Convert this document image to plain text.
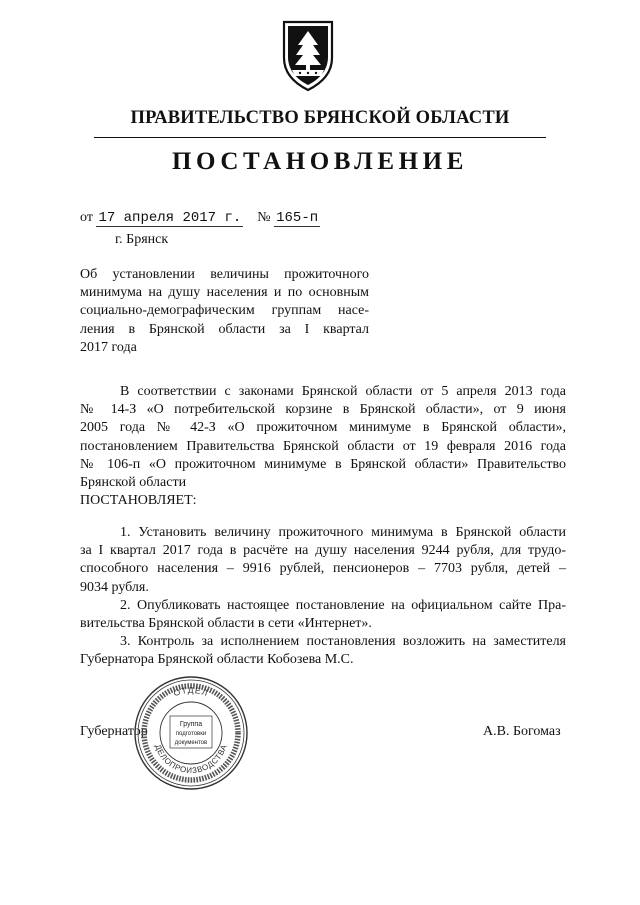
ПРАВИТЕЛЬСТВО БРЯНСКОЙ ОБЛАСТИ
ПОСТАНОВЛЕНИЕ
от 17 апреля 2017 г. № 165-п
г. Брянск
Об установлении величины прожиточного
минимума на душу населения и по основным
социально-демографическим группам насе-
ления в Брянской области за I квартал
2017 года
В соответствии с законами Брянской области от 5 апреля 2013 года
№ 14-З «О потребительской корзине в Брянской области», от 9 июня
2005 года № 42-З «О прожиточном минимуме в Брянской области»,
постановлением Правительства Брянской области от 19 февраля 2016 года
№ 106-п «О прожиточном минимуме в Брянской области» Правительство
Брянской области
ПОСТАНОВЛЯЕТ:
1. Установить величину прожиточного минимума в Брянской области
за I квартал 2017 года в расчёте на душу населения 9244 рубля, для трудо-
способного населения – 9916 рублей, пенсионеров – 7703 рубля, детей –
9034 рубля.
2. Опубликовать настоящее постановление на официальном сайте Пра-
вительства Брянской области в сети «Интернет».
3. Контроль за исполнением постановления возложить на заместителя
Губернатора Брянской области Кобозева М.С.
Губернатор	А.В. Богомаз
ОТДЕЛ
ДЕЛОПРОИЗВОДСТВА
Группа
подготовки
документов
